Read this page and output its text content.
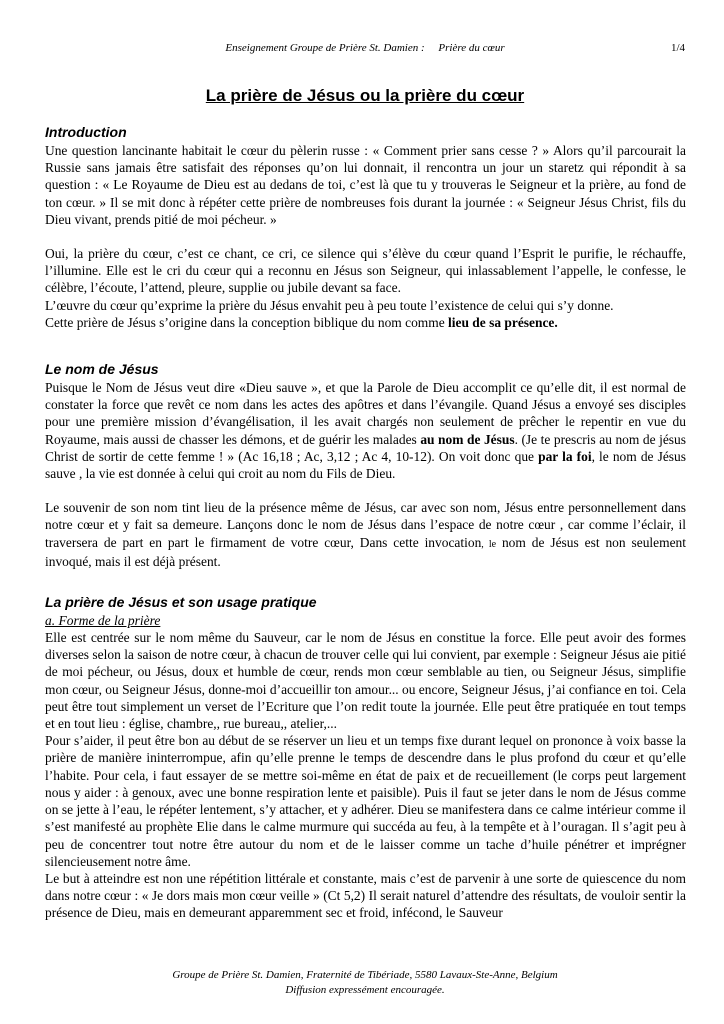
Enseignement Groupe de Prière St. Damien : Prière du cœur	1/4
La prière de Jésus ou la prière du cœur
Introduction

Une question lancinante habitait le cœur du pèlerin russe : « Comment prier sans cesse ? » Alors qu’il parcourait la Russie sans jamais être satisfait des réponses qu’on lui donnait, il rencontra un jour un staretz qui répondit à sa question : « Le Royaume de Dieu est au dedans de toi, c’est là que tu y trouveras le Seigneur et la prière, au fond de ton cœur. » Il se mit donc à répéter cette prière de nombreuses fois durant la journée : « Seigneur Jésus Christ, fils du Dieu vivant, prends pitié de moi pécheur. »

Oui, la prière du cœur, c’est ce chant, ce cri, ce silence qui s’élève du cœur quand l’Esprit le purifie, le réchauffe, l’illumine. Elle est le cri du cœur qui a reconnu en Jésus son Seigneur, qui inlassablement l’appelle, le confesse, le célèbre, l’écoute, l’attend, pleure, supplie ou jubile devant sa face.

L’œuvre du cœur qu’exprime la prière du Jésus envahit peu à peu toute l’existence de celui qui s’y donne.

Cette prière de Jésus s’origine dans la conception biblique du nom comme lieu de sa présence.

Le nom de Jésus

Puisque le Nom de Jésus veut dire «Dieu sauve », et que la Parole de Dieu accomplit ce qu’elle dit, il est normal de constater la force que revêt ce nom dans les actes des apôtres et dans l’évangile. Quand Jésus a envoyé ses disciples pour une première mission d’évangélisation, il les avait chargés non seulement de prêcher le repentir en vue du Royaume, mais aussi de chasser les démons, et de guérir les malades au nom de Jésus. (Je te prescris au nom de jésus Christ de sortir de cette femme ! » (Ac 16,18 ; Ac, 3,12 ; Ac 4, 10-12). On voit donc que par la foi, le nom de Jésus sauve , la vie est donnée à celui qui croit au nom du Fils de Dieu.

Le souvenir de son nom tint lieu de la présence même de Jésus, car avec son nom, Jésus entre personnellement dans notre cœur et y fait sa demeure. Lançons donc le nom de Jésus dans l’espace de notre cœur , car comme l’éclair, il traversera de part en part le firmament de votre cœur, Dans cette invocation, le nom de Jésus est non seulement invoqué, mais il est déjà présent.

La prière de Jésus et son usage pratique
a. Forme de la prière

Elle est centrée sur le nom même du Sauveur, car le nom de Jésus en constitue la force. Elle peut avoir des formes diverses selon la saison de notre cœur, à chacun de trouver celle qui lui convient, par exemple : Seigneur Jésus aie pitié de moi pécheur, ou Jésus, doux et humble de cœur, rends mon cœur semblable au tien, ou Seigneur Jésus, simplifie mon cœur, ou Seigneur Jésus, donne-moi d’accueillir ton amour... ou encore, Seigneur Jésus, j’ai confiance en toi. Cela peut être tout simplement un verset de l’Ecriture que l’on redit toute la journée. Elle peut être pratiquée en tout temps et en tout lieu : église, chambre,, rue bureau,, atelier,...

Pour s’aider, il peut être bon au début de se réserver un lieu et un temps fixe durant lequel on prononce à voix basse la prière de manière ininterrompue, afin qu’elle prenne le temps de descendre dans le plus profond du cœur et qu’elle l’habite. Pour cela, i faut essayer de se mettre soi-même en état de paix et de recueillement (le corps peut largement nous y aider : à genoux, avec une bonne respiration lente et paisible). Puis il faut se jeter dans le nom de Jésus comme on se jette à l’eau, le répéter lentement, s’y attacher, et y adhérer. Dieu se manifestera dans ce calme intérieur comme il s’est manifesté au prophète Elie dans le calme murmure qui succéda au feu, à la tempête et à l’ouragan. Il s’agit peu à peu de concentrer tout notre être autour du nom et de le laisser comme un tache d’huile pénétrer et imprégner silencieusement notre âme.

Le but à atteindre est non une répétition littérale et constante, mais c’est de parvenir à une sorte de quiescence du nom dans notre cœur : « Je dors mais mon cœur veille » (Ct 5,2) Il serait naturel d’attendre des résultats, de vouloir sentir la présence de Dieu, mais en demeurant apparemment sec et froid, infécond, le Sauveur

Groupe de Prière St. Damien, Fraternité de Tibériade, 5580 Lavaux-Ste-Anne, Belgium
Diffusion expressément encouragée.
